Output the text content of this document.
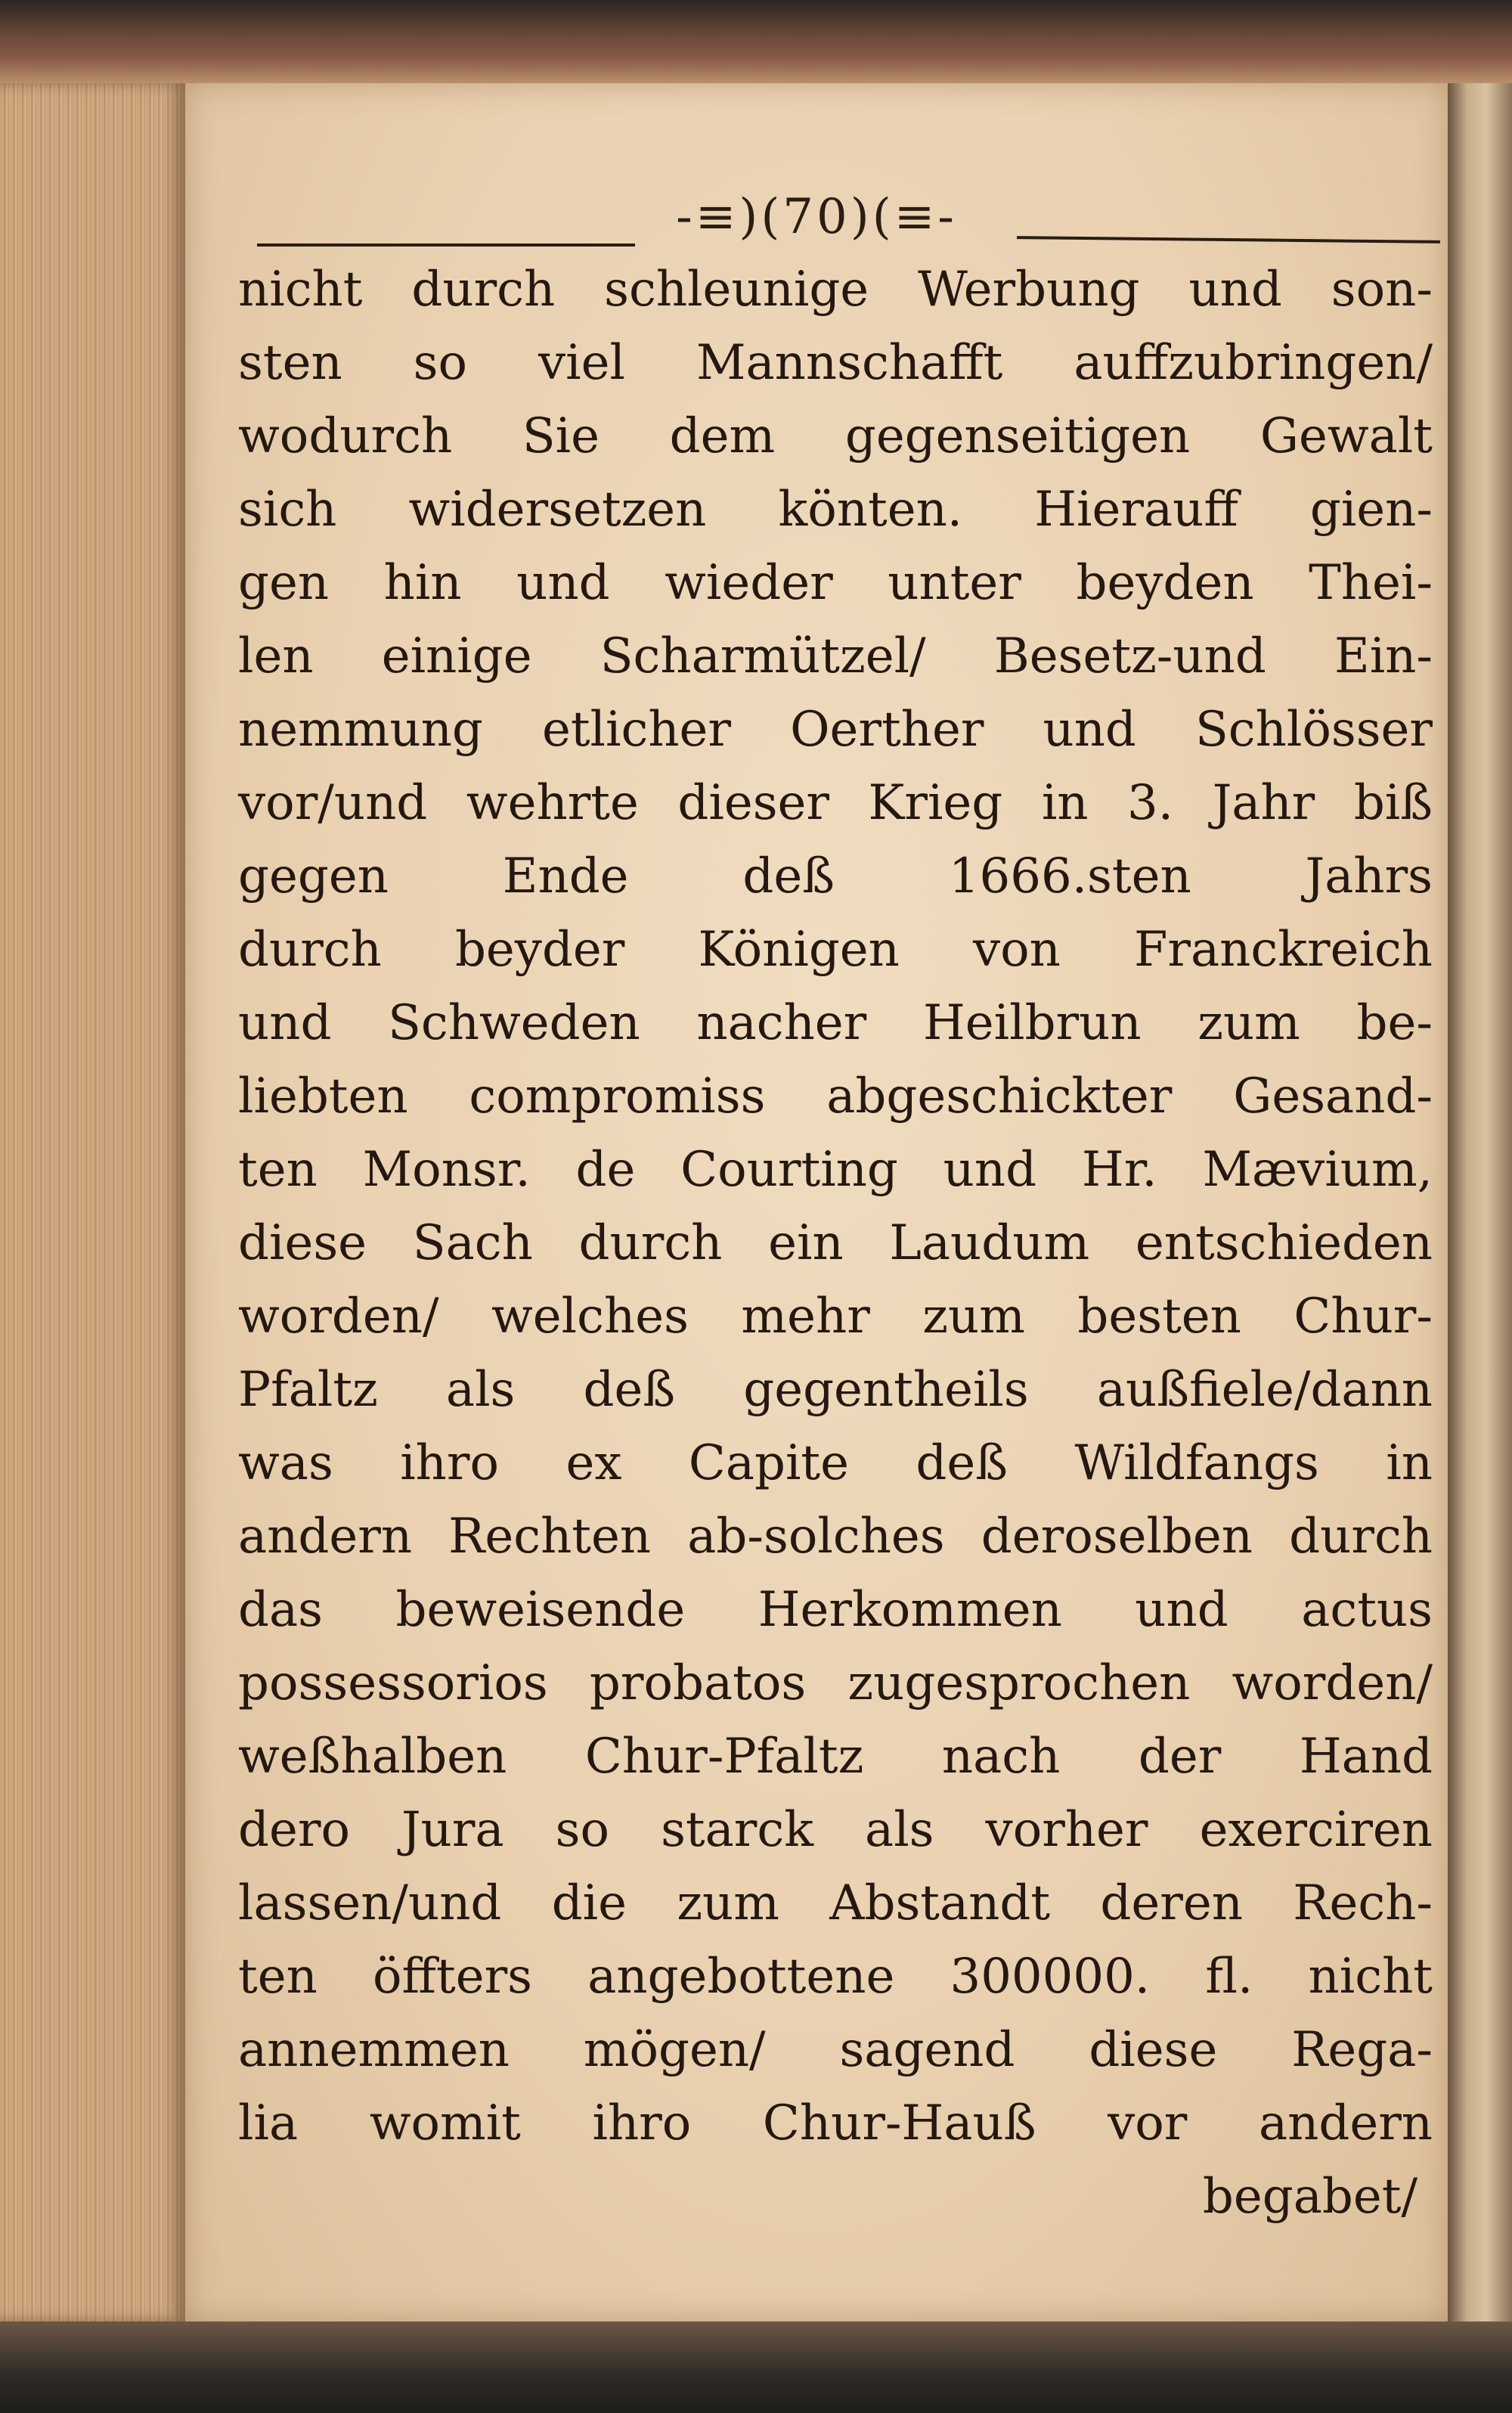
-≡)(70)(≡-
nicht durch schleunige Werbung und son-
sten so viel Mannschafft auffzubringen/
wodurch Sie dem gegenseitigen Gewalt
sich widersetzen könten. Hierauff gien-
gen hin und wieder unter beyden Thei-
len einige Scharmützel/ Besetz-und Ein-
nemmung etlicher Oerther und Schlösser
vor/und wehrte dieser Krieg in 3. Jahr biß
gegen Ende deß 1666.sten Jahrs
durch beyder Königen von Franckreich
und Schweden nacher Heilbrun zum be-
liebten compromiss abgeschickter Gesand-
ten Monsr. de Courting und Hr. Mævium,
diese Sach durch ein Laudum entschieden
worden/ welches mehr zum besten Chur-
Pfaltz als deß gegentheils außfiele/dann
was ihro ex Capite deß Wildfangs in
andern Rechten ab-solches deroselben durch
das beweisende Herkommen und actus
possessorios probatos zugesprochen worden/
weßhalben Chur-Pfaltz nach der Hand
dero Jura so starck als vorher exerciren
lassen/und die zum Abstandt deren Rech-
ten öffters angebottene 300000. fl. nicht
annemmen mögen/ sagend diese Rega-
lia womit ihro Chur-Hauß vor andern
begabet/
